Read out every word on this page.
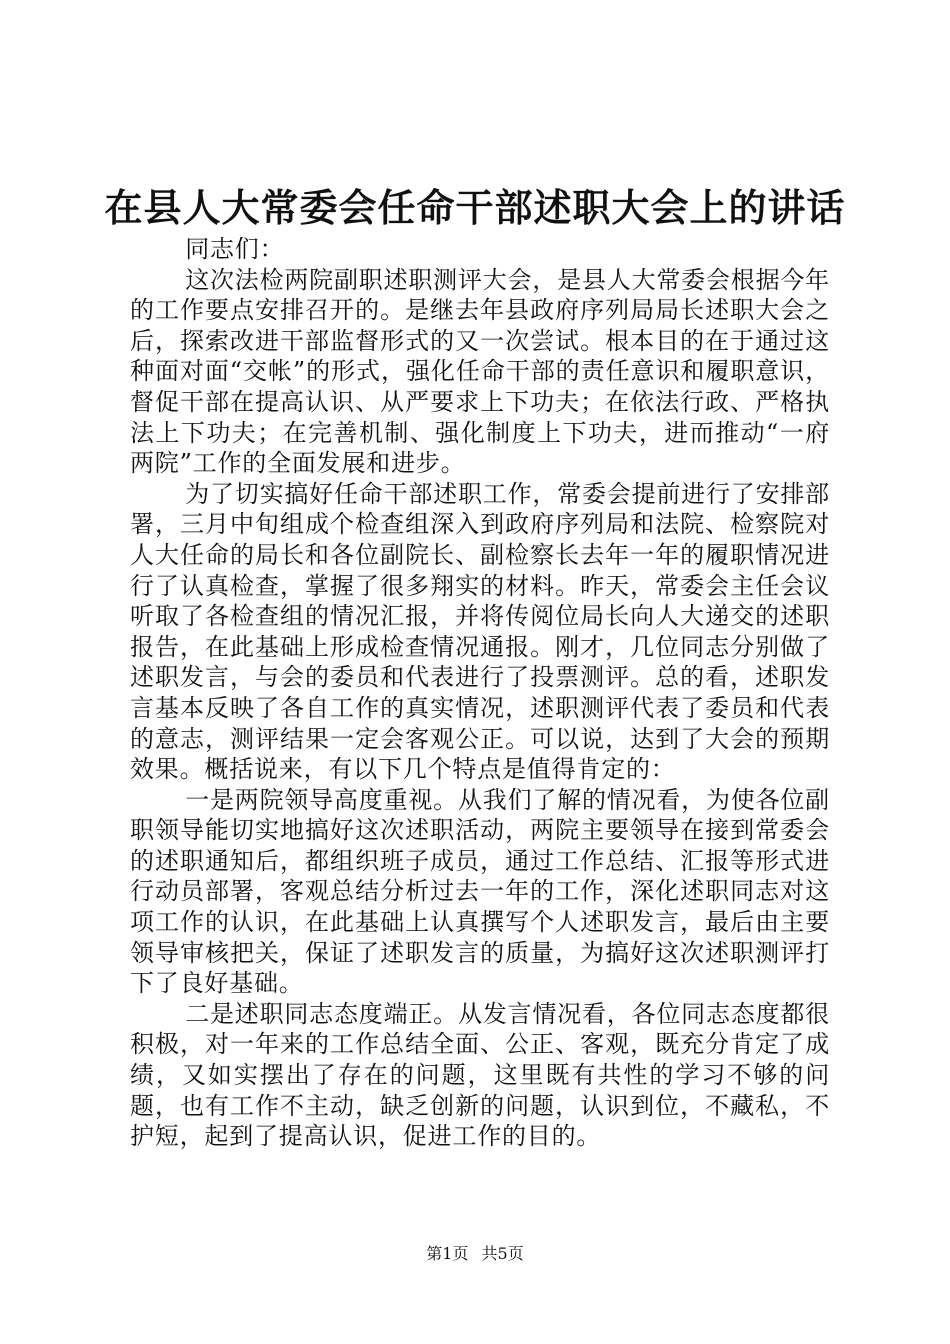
在县人大常委会任命干部述职大会上的讲话

同志们：

这次法检两院副职述职测评大会，是县人大常委会根据今年的工作要点安排召开的。是继去年县政府序列局局长述职大会之后，探索改进干部监督形式的又一次尝试。根本目的在于通过这种面对面“交帐”的形式，强化任命干部的责任意识和履职意识，督促干部在提高认识、从严要求上下功夫；在依法行政、严格执法上下功夫；在完善机制、强化制度上下功夫，进而推动“一府两院”工作的全面发展和进步。

为了切实搞好任命干部述职工作，常委会提前进行了安排部署，三月中旬组成个检查组深入到政府序列局和法院、检察院对人大任命的局长和各位副院长、副检察长去年一年的履职情况进行了认真检查，掌握了很多翔实的材料。昨天，常委会主任会议听取了各检查组的情况汇报，并将传阅位局长向人大递交的述职报告，在此基础上形成检查情况通报。刚才，几位同志分别做了述职发言，与会的委员和代表进行了投票测评。总的看，述职发言基本反映了各自工作的真实情况，述职测评代表了委员和代表的意志，测评结果一定会客观公正。可以说，达到了大会的预期效果。概括说来，有以下几个特点是值得肯定的：

一是两院领导高度重视。从我们了解的情况看，为使各位副职领导能切实地搞好这次述职活动，两院主要领导在接到常委会的述职通知后，都组织班子成员，通过工作总结、汇报等形式进行动员部署，客观总结分析过去一年的工作，深化述职同志对这项工作的认识，在此基础上认真撰写个人述职发言，最后由主要领导审核把关，保证了述职发言的质量，为搞好这次述职测评打下了良好基础。

二是述职同志态度端正。从发言情况看，各位同志态度都很积极，对一年来的工作总结全面、公正、客观，既充分肯定了成绩，又如实摆出了存在的问题，这里既有共性的学习不够的问题，也有工作不主动，缺乏创新的问题，认识到位，不藏私，不护短，起到了提高认识，促进工作的目的。

第1页 共5页
